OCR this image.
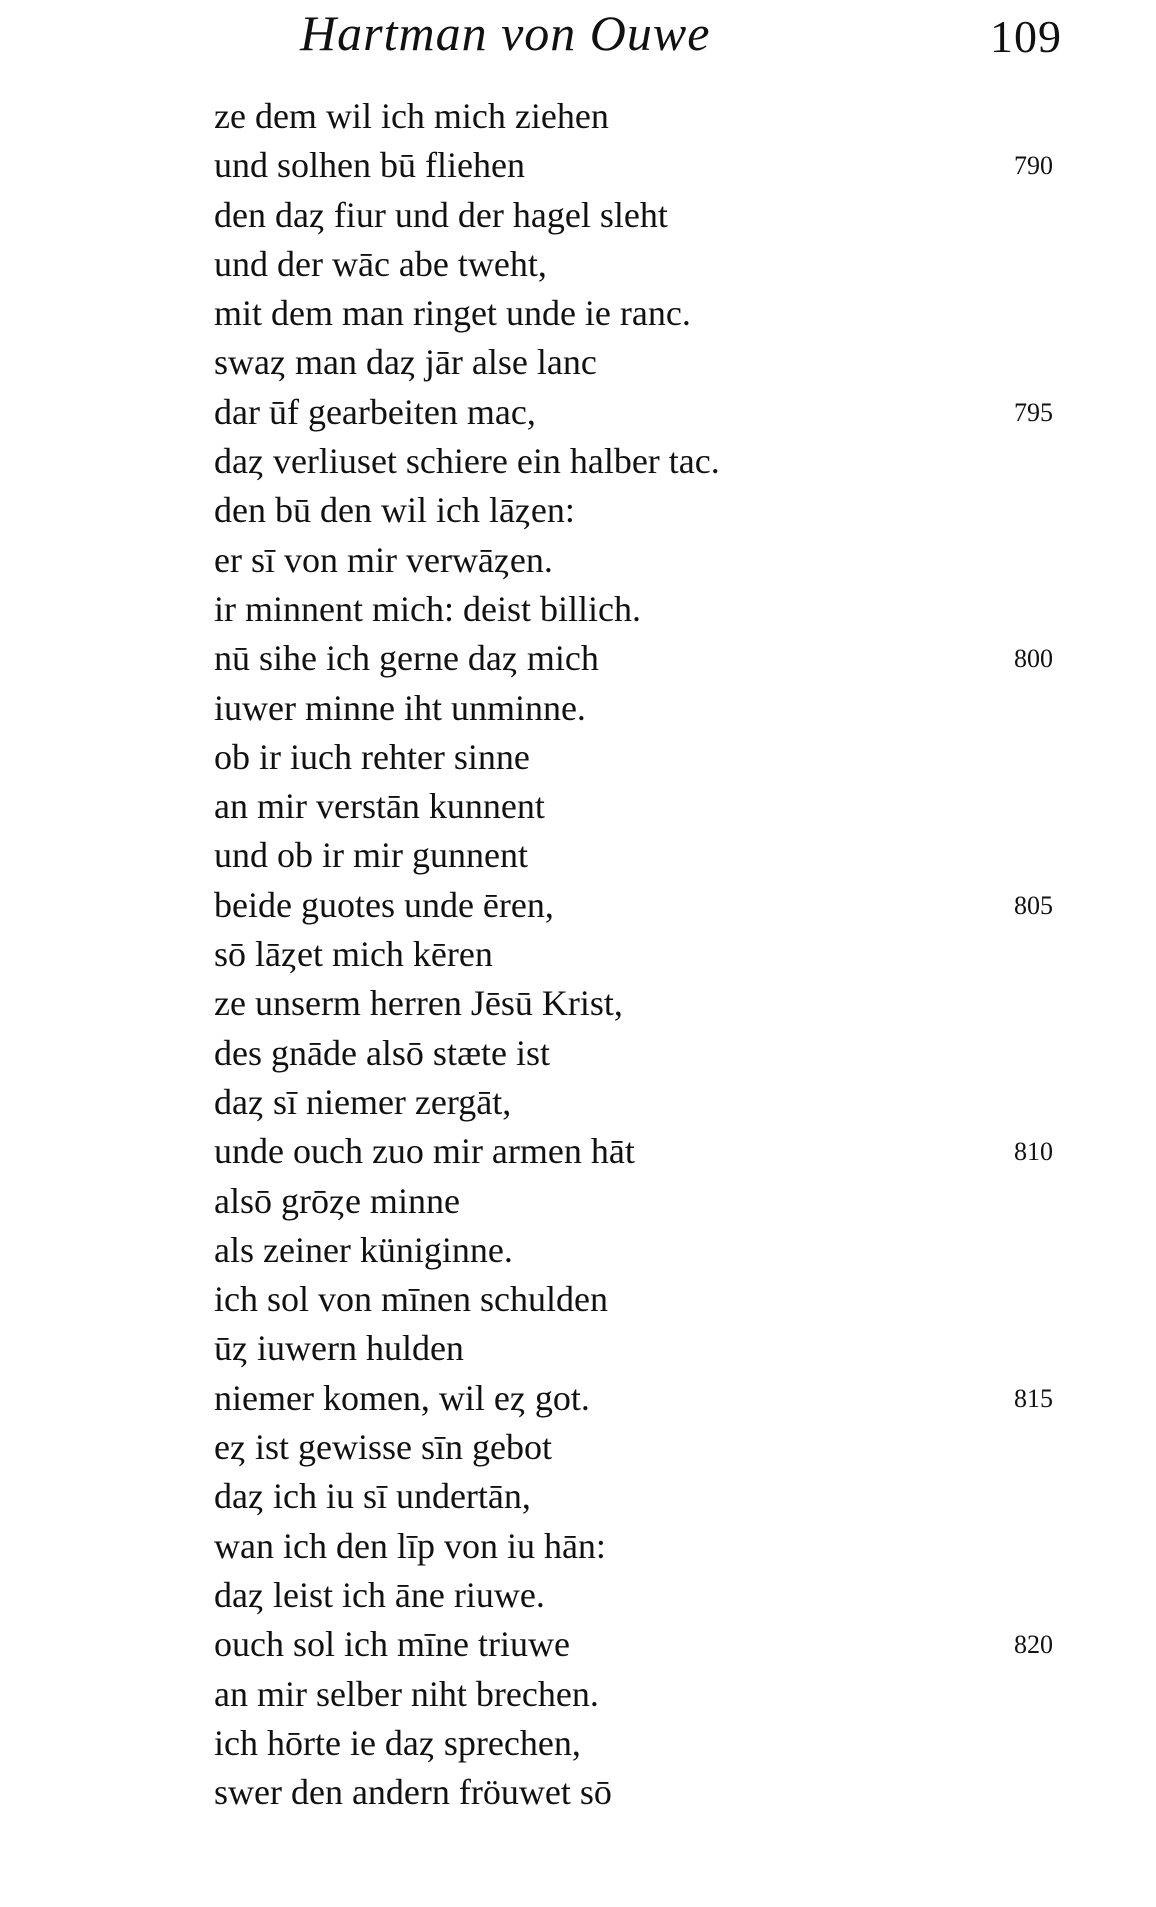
Hartman von Ouwe	109
ze dem wil ich mich ziehen
und solhen bū fliehen	790
den daȥ fiur und der hagel sleht
und der wāc abe tweht,
mit dem man ringet unde ie ranc.
swaȥ man daȥ jār alse lanc
dar ūf gearbeiten mac,	795
daȥ verliuset schiere ein halber tac.
den bū den wil ich lāȥen:
er sī von mir verwāȥen.
ir minnent mich: deist billich.
nū sihe ich gerne daȥ mich	800
iuwer minne iht unminne.
ob ir iuch rehter sinne
an mir verstān kunnent
und ob ir mir gunnent
beide guotes unde ēren,	805
sō lāȥet mich kēren
ze unserm herren Jēsū Krist,
des gnāde alsō stæte ist
daȥ sī niemer zergāt,
unde ouch zuo mir armen hāt	810
alsō grōȥe minne
als zeiner küniginne.
ich sol von mīnen schulden
ūȥ iuwern hulden
niemer komen, wil eȥ got.	815
eȥ ist gewisse sīn gebot
daȥ ich iu sī undertān,
wan ich den līp von iu hān:
daȥ leist ich āne riuwe.
ouch sol ich mīne triuwe	820
an mir selber niht brechen.
ich hōrte ie daȥ sprechen,
swer den andern fröuwet sō
